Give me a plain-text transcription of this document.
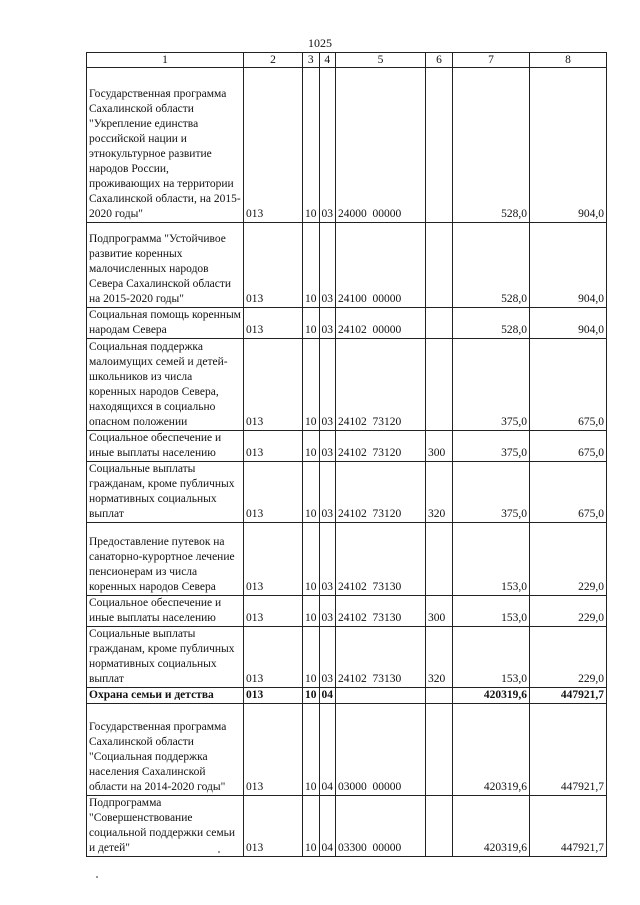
1025
1	2	3	4	5	6	7	8
Государственная программа Сахалинской области "Укрепление единства российской нации и этнокультурное развитие народов России, проживающих на территории Сахалинской области, на 2015-2020 годы"	013	10	03	24000  00000		528,0	904,0
Подпрограмма "Устойчивое развитие коренных малочисленных народов Севера Сахалинской области на 2015-2020 годы"	013	10	03	24100  00000		528,0	904,0
Социальная помощь коренным народам Севера	013	10	03	24102  00000		528,0	904,0
Социальная поддержка малоимущих семей и детей-школьников из числа коренных народов Севера, находящихся в социально опасном положении	013	10	03	24102  73120		375,0	675,0
Социальное обеспечение и иные выплаты населению	013	10	03	24102  73120	300	375,0	675,0
Социальные выплаты гражданам, кроме публичных нормативных социальных выплат	013	10	03	24102  73120	320	375,0	675,0
Предоставление путевок на санаторно-курортное лечение пенсионерам из числа коренных народов Севера	013	10	03	24102  73130		153,0	229,0
Социальное обеспечение и иные выплаты населению	013	10	03	24102  73130	300	153,0	229,0
Социальные выплаты гражданам, кроме публичных нормативных социальных выплат	013	10	03	24102  73130	320	153,0	229,0
Охрана семьи и детства	013	10	04			420319,6	447921,7
Государственная программа Сахалинской области "Социальная поддержка населения Сахалинской области на 2014-2020 годы"	013	10	04	03000  00000		420319,6	447921,7
Подпрограмма "Совершенствование социальной поддержки семьи и детей"	013	10	04	03300  00000		420319,6	447921,7
